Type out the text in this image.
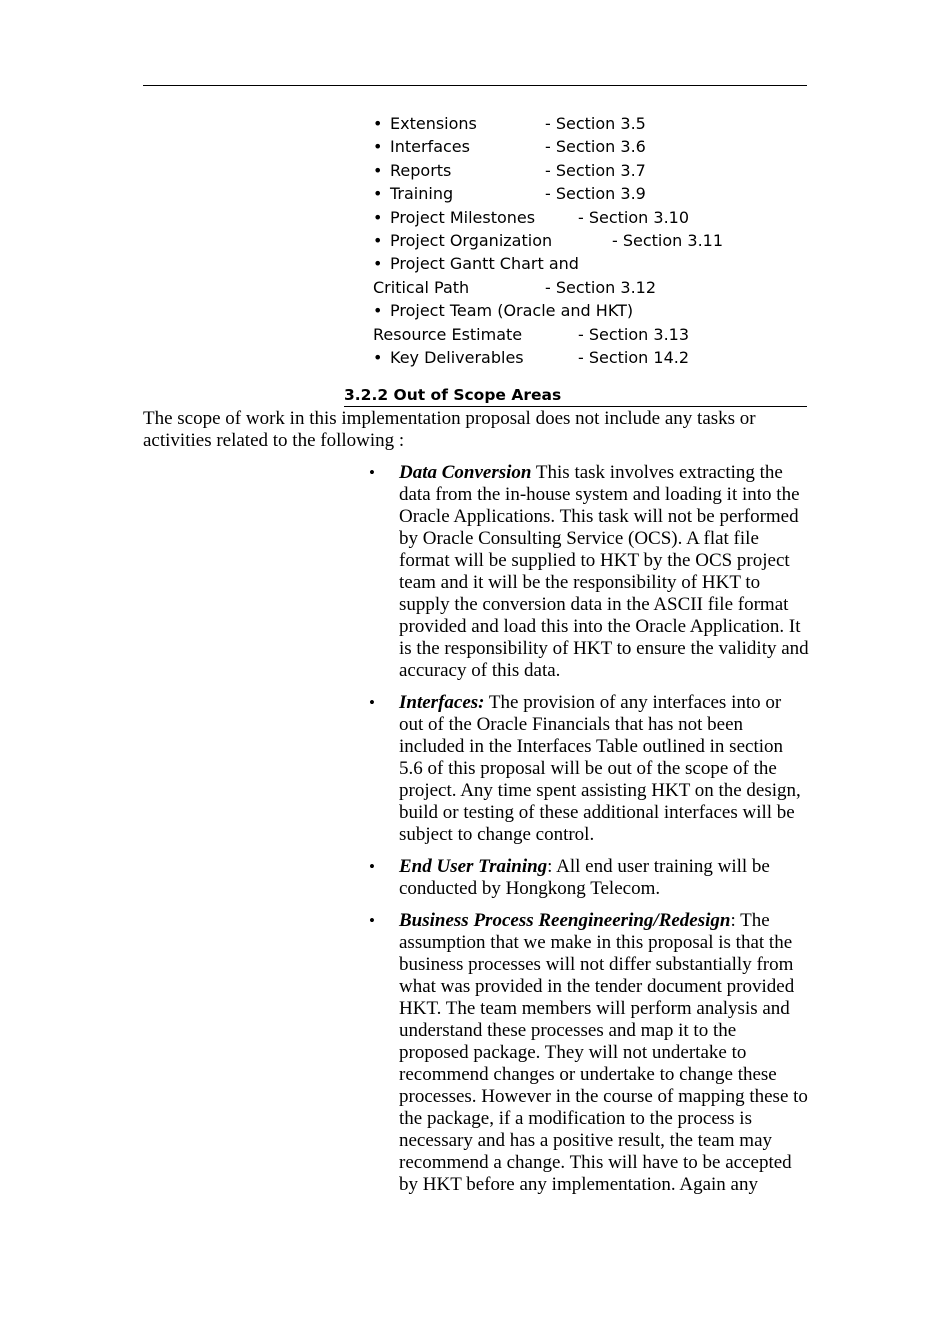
• Extensions	- Section 3.5
• Interfaces	- Section 3.6
• Reports	- Section 3.7
• Training	- Section 3.9
• Project Milestones	- Section 3.10
• Project Organization	- Section 3.11
• Project Gantt Chart and
Critical Path	- Section 3.12
• Project Team (Oracle and HKT)
Resource Estimate	- Section 3.13
• Key Deliverables	- Section 14.2
3.2.2 Out of Scope Areas

The scope of work in this implementation proposal does not include any tasks or activities related to the following :

• Data Conversion This task involves extracting the data from the in-house system and loading it into the Oracle Applications. This task will not be performed by Oracle Consulting Service (OCS). A flat file format will be supplied to HKT by the OCS project team and it will be the responsibility of HKT to supply the conversion data in the ASCII file format provided and load this into the Oracle Application. It is the responsibility of HKT to ensure the validity and accuracy of this data.
• Interfaces: The provision of any interfaces into or out of the Oracle Financials that has not been included in the Interfaces Table outlined in section 5.6 of this proposal will be out of the scope of the project. Any time spent assisting HKT on the design, build or testing of these additional interfaces will be subject to change control.
• End User Training: All end user training will be conducted by Hongkong Telecom.
• Business Process Reengineering/Redesign: The assumption that we make in this proposal is that the business processes will not differ substantially from what was provided in the tender document provided HKT. The team members will perform analysis and understand these processes and map it to the proposed package. They will not undertake to recommend changes or undertake to change these processes. However in the course of mapping these to the package, if a modification to the process is necessary and has a positive result, the team may recommend a change. This will have to be accepted by HKT before any implementation. Again any
